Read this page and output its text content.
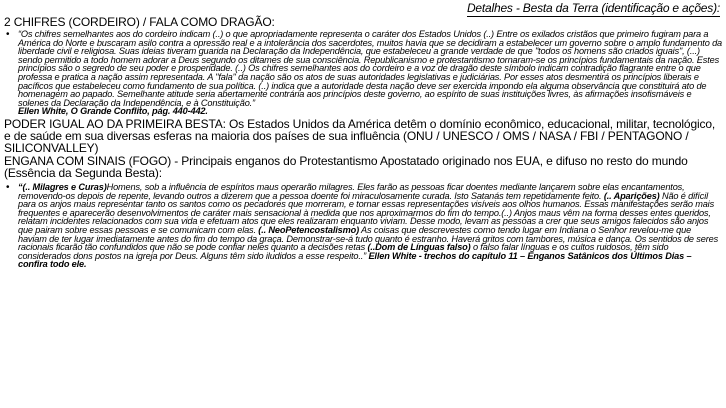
Detalhes - Besta da Terra (identificação e ações):

2 CHIFRES (CORDEIRO) / FALA COMO DRAGÃO:

• “Os chifres semelhantes aos do cordeiro indicam (..) o que apropriadamente representa o caráter dos Estados Unidos (..) Entre os exilados cristãos que primeiro fugiram para a América do Norte e buscaram asilo contra a opressão real e a intolerância dos sacerdotes, muitos havia que se decidiram a estabelecer um governo sobre o amplo fundamento da liberdade civil e religiosa. Suas ideias tiveram guarida na Declaração da Independência, que estabeleceu a grande verdade de que "todos os homens são criados iguais", (...) sendo permitido a todo homem adorar a Deus segundo os ditames de sua consciência. Republicanismo e protestantismo tornaram-se os princípios fundamentais da nação. Estes princípios são o segredo de seu poder e prosperidade. (..) Os chifres semelhantes aos do cordeiro e a voz de dragão deste símbolo indicam contradição flagrante entre o que professa e pratica a nação assim representada. A "fala" da nação são os atos de suas autoridades legislativas e judiciárias. Por esses atos desmentirá os princípios liberais e pacíficos que estabeleceu como fundamento de sua política. (..) indica que a autoridade desta nação deve ser exercida impondo ela alguma observância que constituirá ato de homenagem ao papado. Semelhante atitude seria abertamente contrária aos princípios deste governo, ao espírito de suas instituições livres, às afirmações insofismáveis e solenes da Declaração da Independência, e à Constituição.”
Ellen White, O Grande Conflito, pág. 440-442.

PODER IGUAL AO DA PRIMEIRA BESTA: Os Estados Unidos da América detêm o domínio econômico, educacional, militar, tecnológico, e de saúde em sua diversas esferas na maioria dos países de sua influência (ONU / UNESCO / OMS / NASA / FBI / PENTAGONO / SILICONVALLEY)

ENGANA COM SINAIS (FOGO) - Principais enganos do Protestantismo Apostatado originado nos EUA, e difuso no resto do mundo (Essência da Segunda Besta):

• “(.. Milagres e Curas)Homens, sob a influência de espíritos maus operarão milagres. Eles farão as pessoas ficar doentes mediante lançarem sobre elas encantamentos, removendo-os depois de repente, levando outros a dizerem que a pessoa doente foi miraculosamente curada. Isto Satanás tem repetidamente feito. (.. Aparições) Não é difícil para os anjos maus representar tanto os santos como os pecadores que morreram, e tornar essas representações visíveis aos olhos humanos. Essas manifestações serão mais frequentes e aparecerão desenvolvimentos de caráter mais sensacional à medida que nos aproximarmos do fim do tempo.(..) Anjos maus vêm na forma desses entes queridos, relatam incidentes relacionados com sua vida e efetuam atos que eles realizaram enquanto viviam. Desse modo, levam as pessoas a crer que seus amigos falecidos são anjos que pairam sobre essas pessoas e se comunicam com elas. (.. NeoPetencostalismo) As coisas que descrevestes como tendo lugar em Indiana o Senhor revelou-me que haviam de ter lugar imediatamente antes do fim do tempo da graça. Demonstrar-se-á tudo quanto é estranho. Haverá gritos com tambores, música e dança. Os sentidos de seres racionais ficarão tão confundidos que não se pode confiar neles quanto a decisões retas (..Dom de Línguas falso) o falso falar línguas e os cultos ruidosos, têm sido considerados dons postos na igreja por Deus. Alguns têm sido iludidos a esse respeito..” Ellen White - trechos do capítulo 11 – Enganos Satânicos dos Últimos Dias – confira todo ele.
